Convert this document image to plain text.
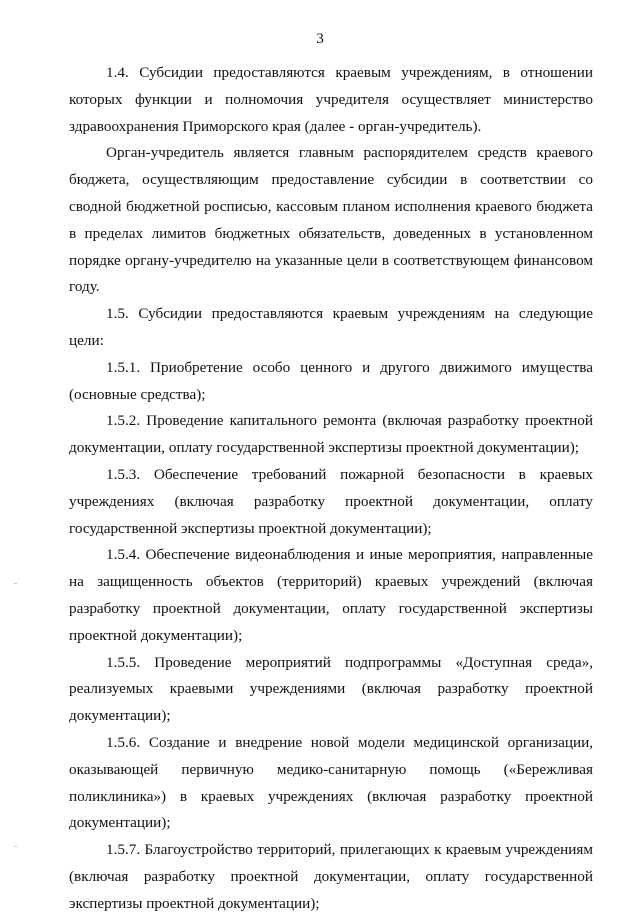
3

1.4. Субсидии предоставляются краевым учреждениям, в отношении которых функции и полномочия учредителя осуществляет министерство здравоохранения Приморского края (далее - орган-учредитель).

Орган-учредитель является главным распорядителем средств краевого бюджета, осуществляющим предоставление субсидии в соответствии со сводной бюджетной росписью, кассовым планом исполнения краевого бюджета в пределах лимитов бюджетных обязательств, доведенных в установленном порядке органу-учредителю на указанные цели в соответствующем финансовом году.

1.5. Субсидии предоставляются краевым учреждениям на следующие цели:

1.5.1. Приобретение особо ценного и другого движимого имущества (основные средства);

1.5.2. Проведение капитального ремонта (включая разработку проектной документации, оплату государственной экспертизы проектной документации);

1.5.3. Обеспечение требований пожарной безопасности в краевых учреждениях (включая разработку проектной документации, оплату государственной экспертизы проектной документации);

1.5.4. Обеспечение видеонаблюдения и иные мероприятия, направленные на защищенность объектов (территорий) краевых учреждений (включая разработку проектной документации, оплату государственной экспертизы проектной документации);

1.5.5. Проведение мероприятий подпрограммы «Доступная среда», реализуемых краевыми учреждениями (включая разработку проектной документации);

1.5.6. Создание и внедрение новой модели медицинской организации, оказывающей первичную медико-санитарную помощь («Бережливая поликлиника») в краевых учреждениях (включая разработку проектной документации);

1.5.7. Благоустройство территорий, прилегающих к краевым учреждениям (включая разработку проектной документации, оплату государственной экспертизы проектной документации);
